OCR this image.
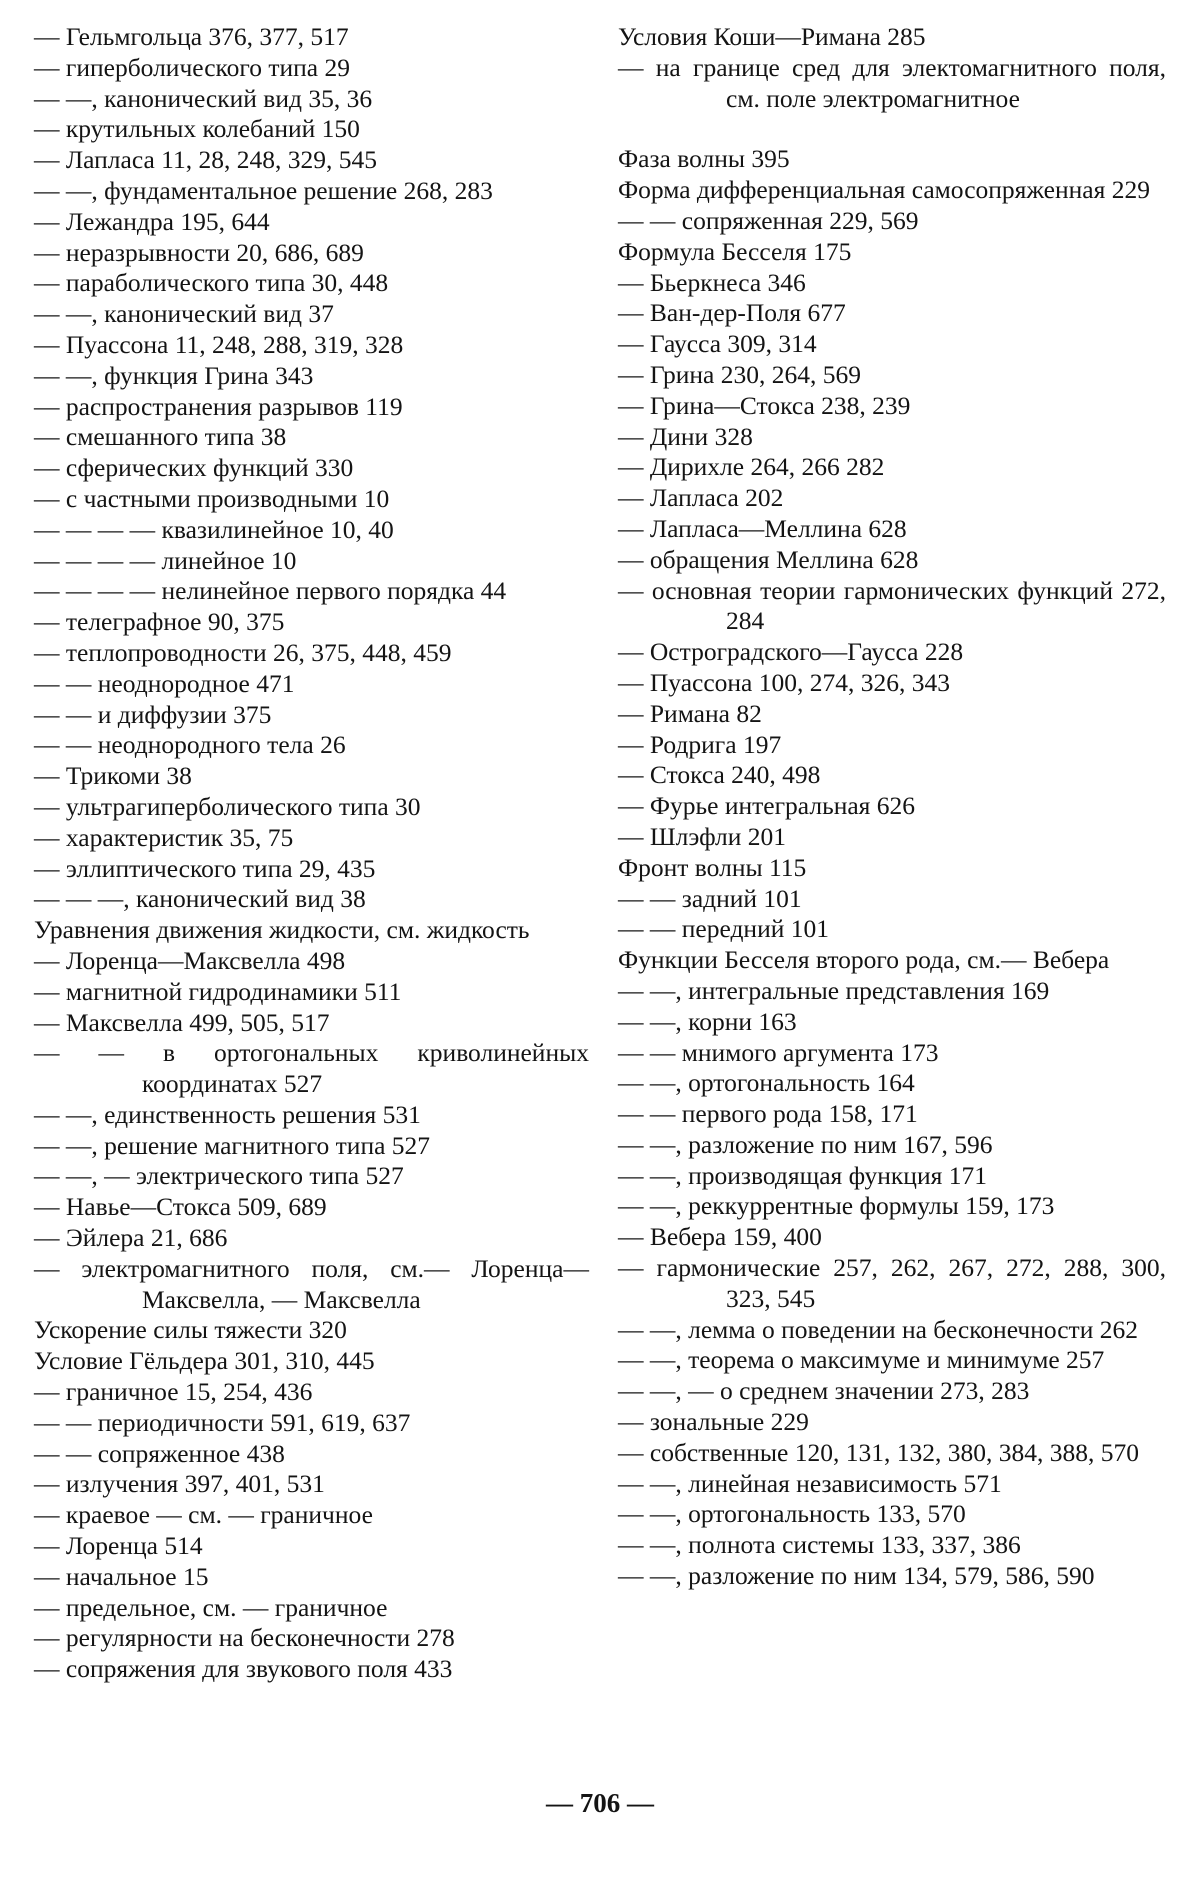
— Гельмгольца 376, 377, 517
— гиперболического типа 29
— —, канонический вид 35, 36
— крутильных колебаний 150
— Лапласа 11, 28, 248, 329, 545
— —, фундаментальное решение 268, 283
— Лежандра 195, 644
— неразрывности 20, 686, 689
— параболического типа 30, 448
— —, канонический вид 37
— Пуассона 11, 248, 288, 319, 328
— —, функция Грина 343
— распространения разрывов 119
— смешанного типа 38
— сферических функций 330
— с частными производными 10
— — — — квазилинейное 10, 40
— — — — линейное 10
— — — — нелинейное первого порядка 44
— телеграфное 90, 375
— теплопроводности 26, 375, 448, 459
— — неоднородное 471
— — и диффузии 375
— — неоднородного тела 26
— Трикоми 38
— ультрагиперболического типа 30
— характеристик 35, 75
— эллиптического типа 29, 435
— — —, канонический вид 38
Уравнения движения жидкости, см. жидкость
— Лоренца—Максвелла 498
— магнитной гидродинамики 511
— Максвелла 499, 505, 517
— — в ортогональных криволинейных координатах 527
— —, единственность решения 531
— —, решение магнитного типа 527
— —, — электрического типа 527
— Навье—Стокса 509, 689
— Эйлера 21, 686
— электромагнитного поля, см.— Лоренца—Максвелла, — Максвелла
Ускорение силы тяжести 320
Условие Гёльдера 301, 310, 445
— граничное 15, 254, 436
— — периодичности 591, 619, 637
— — сопряженное 438
— излучения 397, 401, 531
— краевое — см. — граничное
— Лоренца 514
— начальное 15
— предельное, см. — граничное
— регулярности на бесконечности 278
— сопряжения для звукового поля 433
Условия Коши—Римана 285
— на границе сред для электомагнитного поля, см. поле электромагнитное
Фаза волны 395
Форма дифференциальная самосопряженная 229
— — сопряженная 229, 569
Формула Бесселя 175
— Бьеркнеса 346
— Ван-дер-Поля 677
— Гаусса 309, 314
— Грина 230, 264, 569
— Грина—Стокса 238, 239
— Дини 328
— Дирихле 264, 266 282
— Лапласа 202
— Лапласа—Меллина 628
— обращения Меллина 628
— основная теории гармонических функций 272, 284
— Остроградского—Гаусса 228
— Пуассона 100, 274, 326, 343
— Римана 82
— Родрига 197
— Стокса 240, 498
— Фурье интегральная 626
— Шлэфли 201
Фронт волны 115
— — задний 101
— — передний 101
Функции Бесселя второго рода, см.— Вебера
— —, интегральные представления 169
— —, корни 163
— — мнимого аргумента 173
— —, ортогональность 164
— — первого рода 158, 171
— —, разложение по ним 167, 596
— —, производящая функция 171
— —, реккуррентные формулы 159, 173
— Вебера 159, 400
— гармонические 257, 262, 267, 272, 288, 300, 323, 545
— —, лемма о поведении на бесконечности 262
— —, теорема о максимуме и минимуме 257
— —, — о среднем значении 273, 283
— зональные 229
— собственные 120, 131, 132, 380, 384, 388, 570
— —, линейная независимость 571
— —, ортогональность 133, 570
— —, полнота системы 133, 337, 386
— —, разложение по ним 134, 579, 586, 590
— 706 —
